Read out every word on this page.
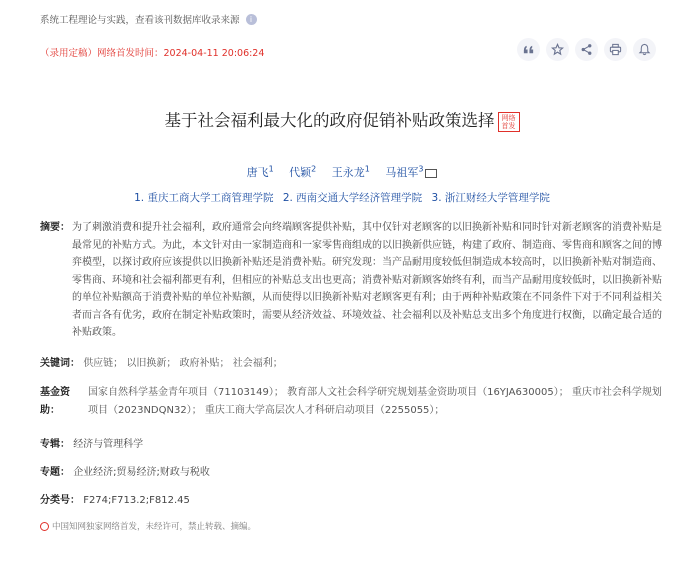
系统工程理论与实践，查看该刊数据库收录来源	i
（录用定稿）网络首发时间：2024-04-11 20:06:24
基于社会福利最大化的政府促销补贴政策选择 网络首发
唐飞$^1$ 代颖$^2$ 王永龙$^1$ 马祖军$^3$
1. 重庆工商大学工商管理学院 2. 西南交通大学经济管理学院 3. 浙江财经大学管理学院
摘要： 为了刺激消费和提升社会福利，政府通常会向终端顾客提供补贴，其中仅针对老顾客的以旧换新补贴和同时针对新老顾客的消费补贴是最常见的补贴方式。为此，本文针对由一家制造商和一家零售商组成的以旧换新供应链，构建了政府、制造商、零售商和顾客之间的博弈模型，以探讨政府应该提供以旧换新补贴还是消费补贴。研究发现：当产品耐用度较低但制造成本较高时，以旧换新补贴对制造商、零售商、环境和社会福利都更有利，但相应的补贴总支出也更高；消费补贴对新顾客始终有利，而当产品耐用度较低时，以旧换新补贴的单位补贴额高于消费补贴的单位补贴额，从而使得以旧换新补贴对老顾客更有利；由于两种补贴政策在不同条件下对于不同利益相关者而言各有优劣，政府在制定补贴政策时，需要从经济效益、环境效益、社会福利以及补贴总支出多个角度进行权衡，以确定最合适的补贴政策。
关键词： 供应链； 以旧换新； 政府补贴； 社会福利；
基金资助：
国家自然科学基金青年项目（71103149）； 教育部人文社会科学研究规划基金资助项目（16YJA630005）； 重庆市社会科学规划项目（2023NDQN32）； 重庆工商大学高层次人才科研启动项目（2255055）；
专辑： 经济与管理科学
专题： 企业经济;贸易经济;财政与税收
分类号： F274;F713.2;F812.45
中国知网独家网络首发，未经许可，禁止转载、摘编。
